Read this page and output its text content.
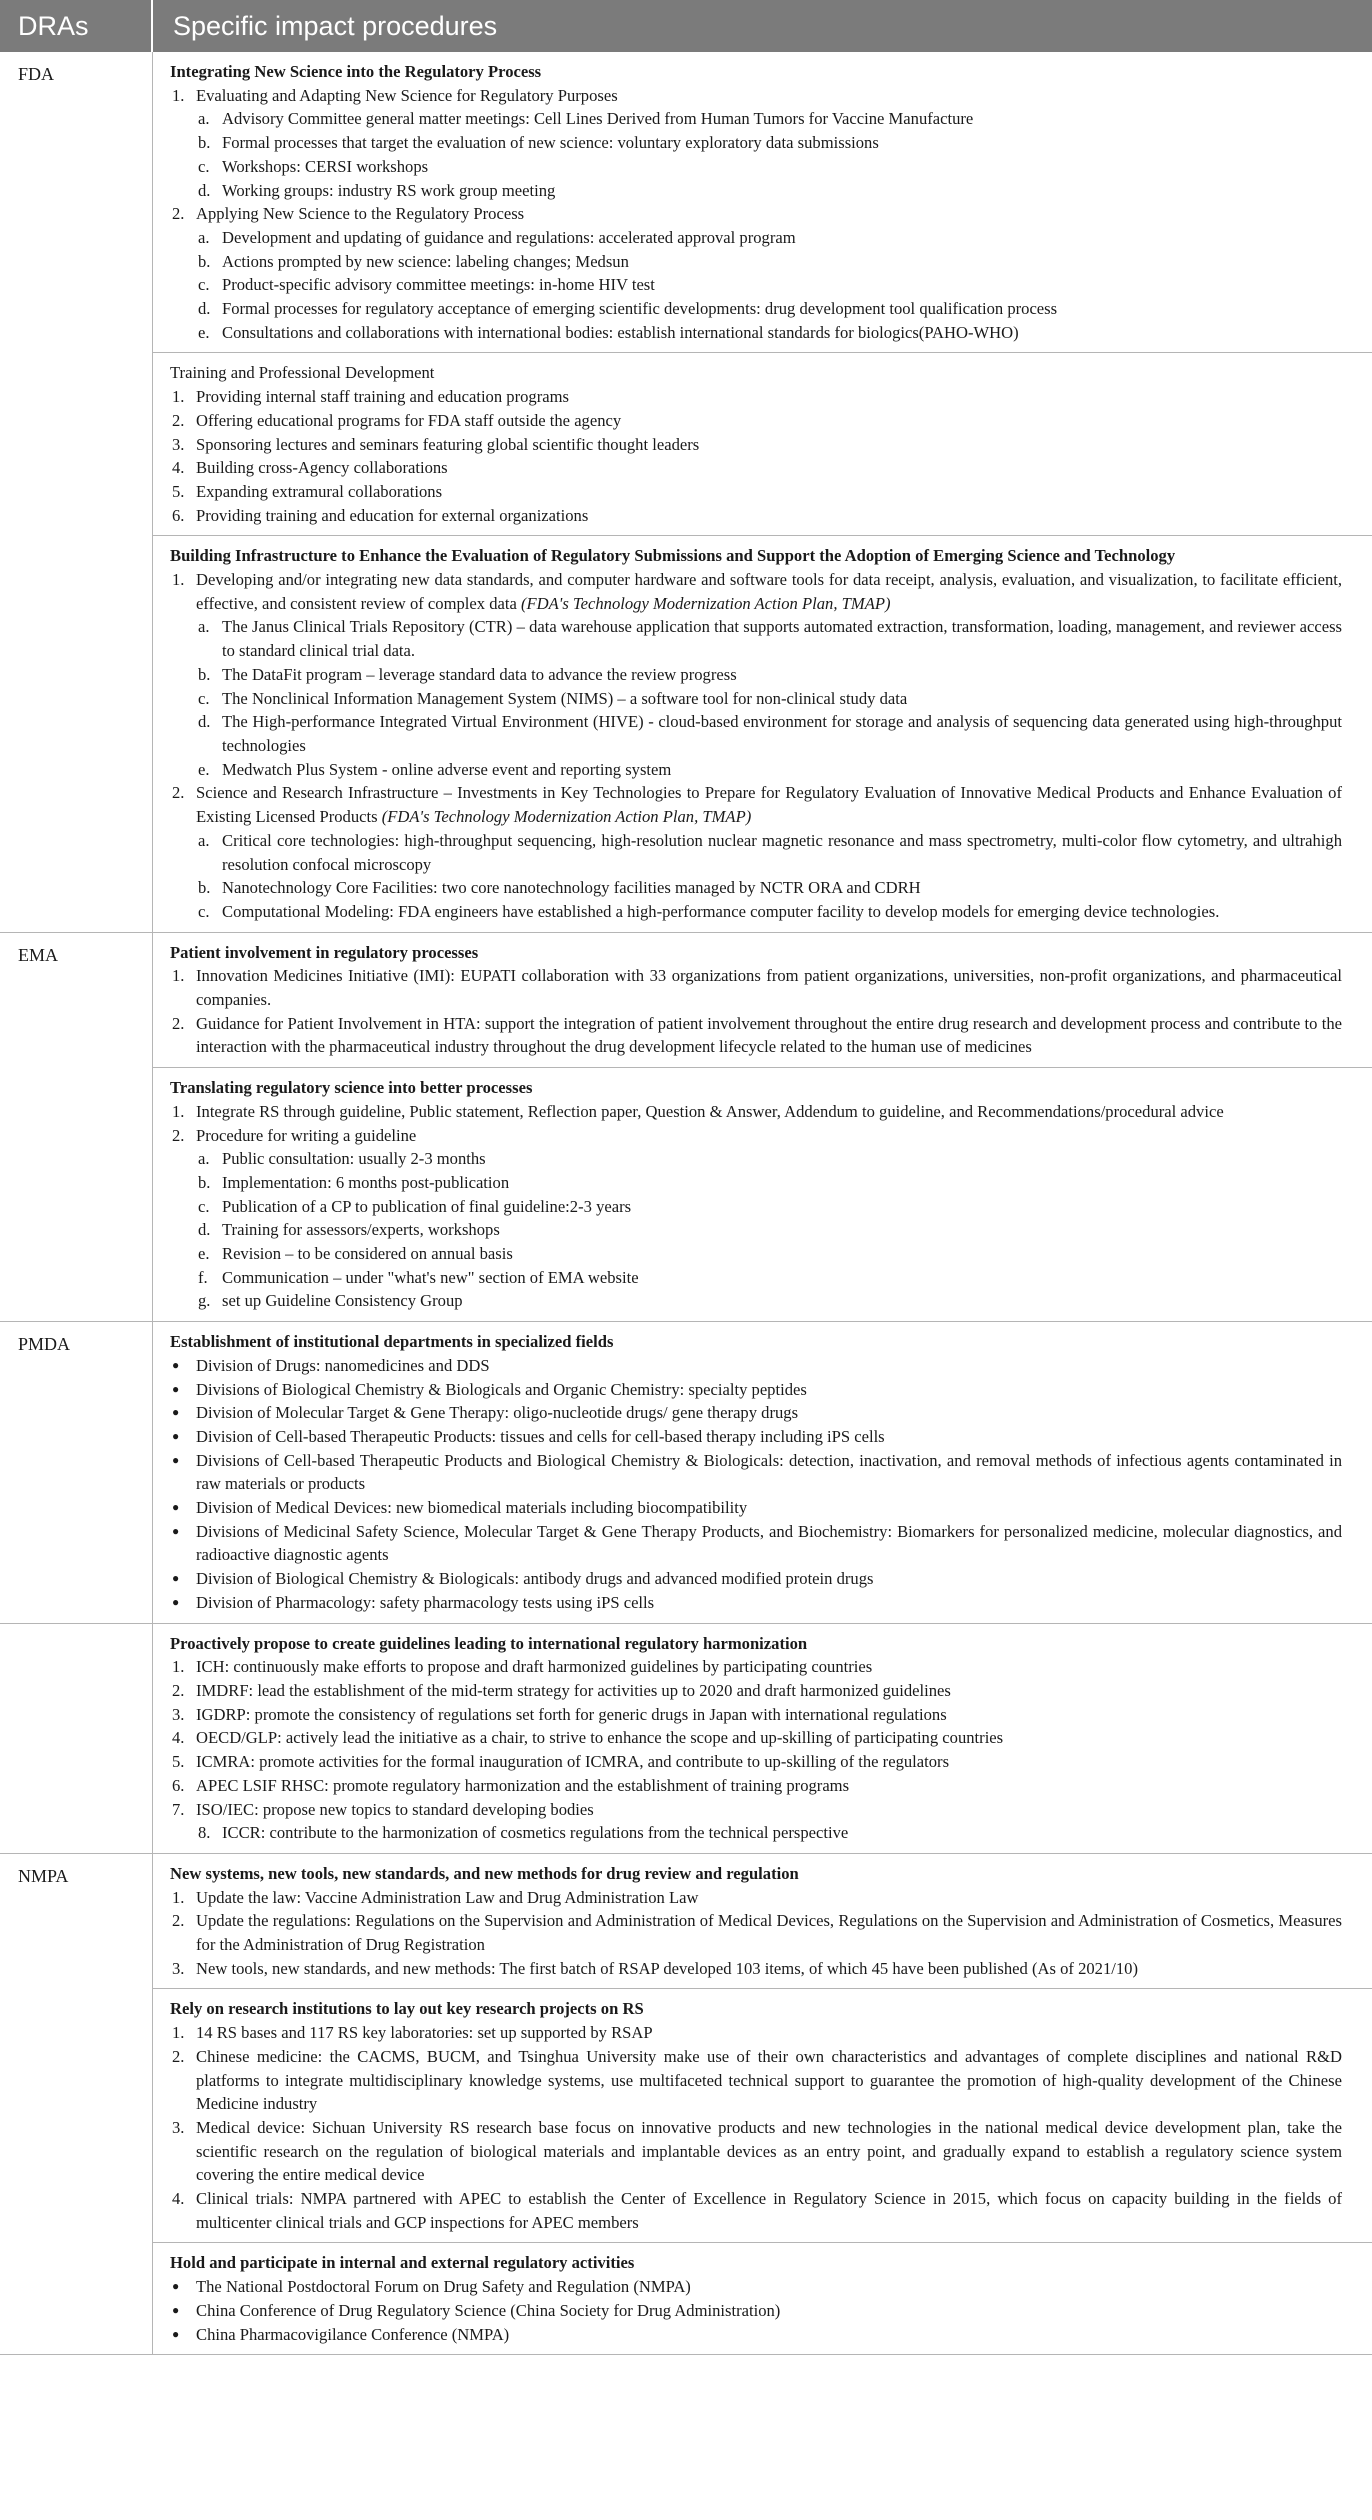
DRAs	Specific impact procedures
FDA	Integrating New Science into the Regulatory Process
1. Evaluating and Adapting New Science for Regulatory Purposes
a. Advisory Committee general matter meetings: Cell Lines Derived from Human Tumors for Vaccine Manufacture
b. Formal processes that target the evaluation of new science: voluntary exploratory data submissions
c. Workshops: CERSI workshops
d. Working groups: industry RS work group meeting
2. Applying New Science to the Regulatory Process
a. Development and updating of guidance and regulations: accelerated approval program
b. Actions prompted by new science: labeling changes; Medsun
c. Product-specific advisory committee meetings: in-home HIV test
d. Formal processes for regulatory acceptance of emerging scientific developments: drug development tool qualification process
e. Consultations and collaborations with international bodies: establish international standards for biologics(PAHO-WHO)
Training and Professional Development
1. Providing internal staff training and education programs
2. Offering educational programs for FDA staff outside the agency
3. Sponsoring lectures and seminars featuring global scientific thought leaders
4. Building cross-Agency collaborations
5. Expanding extramural collaborations
6. Providing training and education for external organizations
Building Infrastructure to Enhance the Evaluation of Regulatory Submissions and Support the Adoption of Emerging Science and Technology
1. Developing and/or integrating new data standards, and computer hardware and software tools for data receipt, analysis, evaluation, and visualization, to facilitate efficient, effective, and consistent review of complex data (FDA's Technology Modernization Action Plan, TMAP)
a. The Janus Clinical Trials Repository (CTR) – data warehouse application that supports automated extraction, transformation, loading, management, and reviewer access to standard clinical trial data.
b. The DataFit program – leverage standard data to advance the review progress
c. The Nonclinical Information Management System (NIMS) – a software tool for non-clinical study data
d. The High-performance Integrated Virtual Environment (HIVE) - cloud-based environment for storage and analysis of sequencing data generated using high-throughput technologies
e. Medwatch Plus System - online adverse event and reporting system
2. Science and Research Infrastructure – Investments in Key Technologies to Prepare for Regulatory Evaluation of Innovative Medical Products and Enhance Evaluation of Existing Licensed Products (FDA's Technology Modernization Action Plan, TMAP)
a. Critical core technologies: high-throughput sequencing, high-resolution nuclear magnetic resonance and mass spectrometry, multi-color flow cytometry, and ultrahigh resolution confocal microscopy
b. Nanotechnology Core Facilities: two core nanotechnology facilities managed by NCTR ORA and CDRH
c. Computational Modeling: FDA engineers have established a high-performance computer facility to develop models for emerging device technologies.
EMA	Patient involvement in regulatory processes
1. Innovation Medicines Initiative (IMI): EUPATI collaboration with 33 organizations from patient organizations, universities, non-profit organizations, and pharmaceutical companies.
2. Guidance for Patient Involvement in HTA: support the integration of patient involvement throughout the entire drug research and development process and contribute to the interaction with the pharmaceutical industry throughout the drug development lifecycle related to the human use of medicines
Translating regulatory science into better processes
1. Integrate RS through guideline, Public statement, Reflection paper, Question & Answer, Addendum to guideline, and Recommendations/procedural advice
2. Procedure for writing a guideline
a. Public consultation: usually 2-3 months
b. Implementation: 6 months post-publication
c. Publication of a CP to publication of final guideline:2-3 years
d. Training for assessors/experts, workshops
e. Revision – to be considered on annual basis
f. Communication – under "what's new" section of EMA website
g. set up Guideline Consistency Group
PMDA	Establishment of institutional departments in specialized fields
●	Division of Drugs: nanomedicines and DDS
●	Divisions of Biological Chemistry & Biologicals and Organic Chemistry: specialty peptides
●	Division of Molecular Target & Gene Therapy: oligo-nucleotide drugs/ gene therapy drugs
●	Division of Cell-based Therapeutic Products: tissues and cells for cell-based therapy including iPS cells
●	Divisions of Cell-based Therapeutic Products and Biological Chemistry & Biologicals: detection, inactivation, and removal methods of infectious agents contaminated in raw materials or products
●	Division of Medical Devices: new biomedical materials including biocompatibility
●	Divisions of Medicinal Safety Science, Molecular Target & Gene Therapy Products, and Biochemistry: Biomarkers for personalized medicine, molecular diagnostics, and radioactive diagnostic agents
●	Division of Biological Chemistry & Biologicals: antibody drugs and advanced modified protein drugs
●	Division of Pharmacology: safety pharmacology tests using iPS cells
Proactively propose to create guidelines leading to international regulatory harmonization
1. ICH: continuously make efforts to propose and draft harmonized guidelines by participating countries
2. IMDRF: lead the establishment of the mid-term strategy for activities up to 2020 and draft harmonized guidelines
3. IGDRP: promote the consistency of regulations set forth for generic drugs in Japan with international regulations
4. OECD/GLP: actively lead the initiative as a chair, to strive to enhance the scope and up-skilling of participating countries
5. ICMRA: promote activities for the formal inauguration of ICMRA, and contribute to up-skilling of the regulators
6. APEC LSIF RHSC: promote regulatory harmonization and the establishment of training programs
7. ISO/IEC: propose new topics to standard developing bodies
8. ICCR: contribute to the harmonization of cosmetics regulations from the technical perspective
NMPA	New systems, new tools, new standards, and new methods for drug review and regulation
1. Update the law: Vaccine Administration Law and Drug Administration Law
2. Update the regulations: Regulations on the Supervision and Administration of Medical Devices, Regulations on the Supervision and Administration of Cosmetics, Measures for the Administration of Drug Registration
3. New tools, new standards, and new methods: The first batch of RSAP developed 103 items, of which 45 have been published (As of 2021/10)
Rely on research institutions to lay out key research projects on RS
1. 14 RS bases and 117 RS key laboratories: set up supported by RSAP
2. Chinese medicine: the CACMS, BUCM, and Tsinghua University make use of their own characteristics and advantages of complete disciplines and national R&D platforms to integrate multidisciplinary knowledge systems, use multifaceted technical support to guarantee the promotion of high-quality development of the Chinese Medicine industry
3. Medical device: Sichuan University RS research base focus on innovative products and new technologies in the national medical device development plan, take the scientific research on the regulation of biological materials and implantable devices as an entry point, and gradually expand to establish a regulatory science system covering the entire medical device
4. Clinical trials: NMPA partnered with APEC to establish the Center of Excellence in Regulatory Science in 2015, which focus on capacity building in the fields of multicenter clinical trials and GCP inspections for APEC members
Hold and participate in internal and external regulatory activities
●	The National Postdoctoral Forum on Drug Safety and Regulation (NMPA)
●	China Conference of Drug Regulatory Science (China Society for Drug Administration)
●	China Pharmacovigilance Conference (NMPA)
